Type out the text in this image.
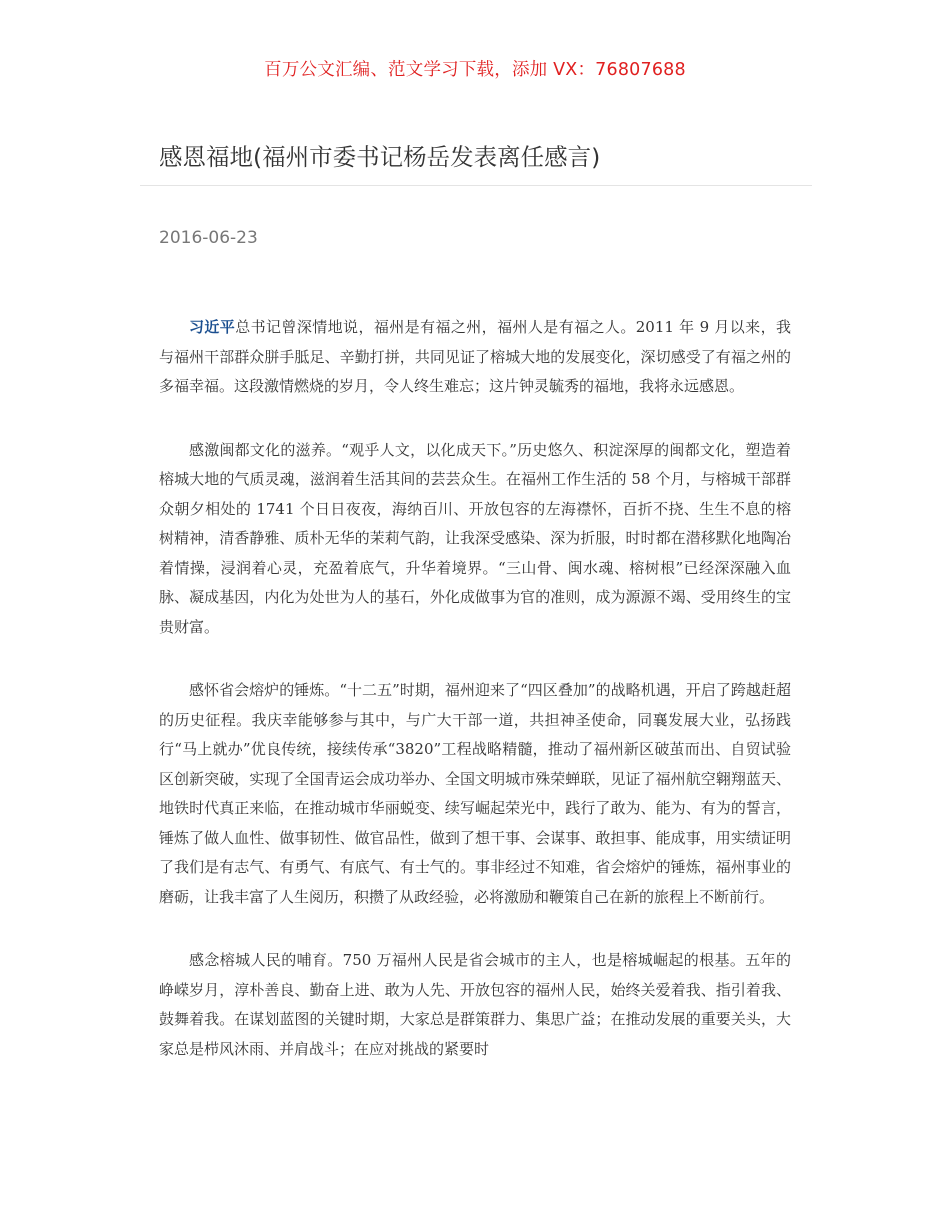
百万公文汇编、范文学习下载，添加 VX：76807688
感恩福地(福州市委书记杨岳发表离任感言)
2016-06-23

习近平总书记曾深情地说，福州是有福之州，福州人是有福之人。2011 年 9 月以来，我与福州干部群众胼手胝足、辛勤打拼，共同见证了榕城大地的发展变化，深切感受了有福之州的多福幸福。这段激情燃烧的岁月，令人终生难忘；这片钟灵毓秀的福地，我将永远感恩。

感激闽都文化的滋养。“观乎人文，以化成天下。”历史悠久、积淀深厚的闽都文化，塑造着榕城大地的气质灵魂，滋润着生活其间的芸芸众生。在福州工作生活的 58 个月，与榕城干部群众朝夕相处的 1741 个日日夜夜，海纳百川、开放包容的左海襟怀，百折不挠、生生不息的榕树精神，清香静雅、质朴无华的茉莉气韵，让我深受感染、深为折服，时时都在潜移默化地陶冶着情操，浸润着心灵，充盈着底气，升华着境界。“三山骨、闽水魂、榕树根”已经深深融入血脉、凝成基因，内化为处世为人的基石，外化成做事为官的准则，成为源源不竭、受用终生的宝贵财富。

感怀省会熔炉的锤炼。“十二五”时期，福州迎来了“四区叠加”的战略机遇，开启了跨越赶超的历史征程。我庆幸能够参与其中，与广大干部一道，共担神圣使命，同襄发展大业，弘扬践行“马上就办”优良传统，接续传承“3820”工程战略精髓，推动了福州新区破茧而出、自贸试验区创新突破，实现了全国青运会成功举办、全国文明城市殊荣蝉联，见证了福州航空翱翔蓝天、地铁时代真正来临，在推动城市华丽蜕变、续写崛起荣光中，践行了敢为、能为、有为的誓言，锤炼了做人血性、做事韧性、做官品性，做到了想干事、会谋事、敢担事、能成事，用实绩证明了我们是有志气、有勇气、有底气、有士气的。事非经过不知难，省会熔炉的锤炼，福州事业的磨砺，让我丰富了人生阅历，积攒了从政经验，必将激励和鞭策自己在新的旅程上不断前行。

感念榕城人民的哺育。750 万福州人民是省会城市的主人，也是榕城崛起的根基。五年的峥嵘岁月，淳朴善良、勤奋上进、敢为人先、开放包容的福州人民，始终关爱着我、指引着我、鼓舞着我。在谋划蓝图的关键时期，大家总是群策群力、集思广益；在推动发展的重要关头，大家总是栉风沐雨、并肩战斗；在应对挑战的紧要时
